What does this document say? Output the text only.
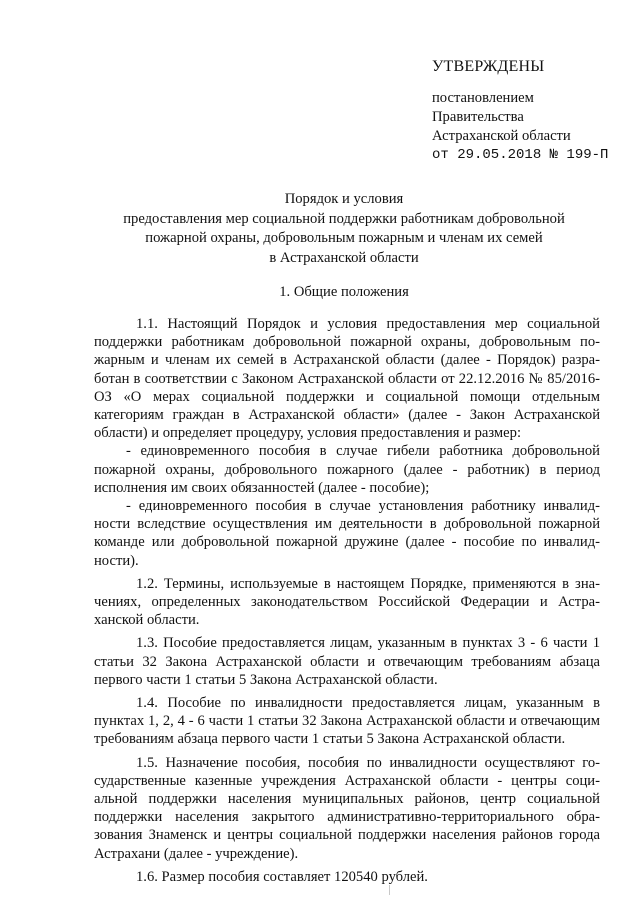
УТВЕРЖДЕНЫ
постановлением
Правительства
Астраханской области
от 29.05.2018 № 199-П
Порядок и условия
предоставления мер социальной поддержки работникам добровольной
пожарной охраны, добровольным пожарным и членам их семей
в Астраханской области
1. Общие положения

1.1. Настоящий Порядок и условия предоставления мер социальной поддержки работникам добровольной пожарной охраны, добровольным пожарным и членам их семей в Астраханской области (далее - Порядок) разработан в соответствии с Законом Астраханской области от 22.12.2016 № 85/2016-ОЗ «О мерах социальной поддержки и социальной помощи отдельным категориям граждан в Астраханской области» (далее - Закон Астраханской области) и определяет процедуру, условия предоставления и размер:

- единовременного пособия в случае гибели работника добровольной пожарной охраны, добровольного пожарного (далее - работник) в период исполнения им своих обязанностей (далее - пособие);

- единовременного пособия в случае установления работнику инвалидности вследствие осуществления им деятельности в добровольной пожарной команде или добровольной пожарной дружине (далее - пособие по инвалидности).

1.2. Термины, используемые в настоящем Порядке, применяются в значениях, определенных законодательством Российской Федерации и Астраханской области.

1.3. Пособие предоставляется лицам, указанным в пунктах 3 - 6 части 1 статьи 32 Закона Астраханской области и отвечающим требованиям абзаца первого части 1 статьи 5 Закона Астраханской области.

1.4. Пособие по инвалидности предоставляется лицам, указанным в пунктах 1, 2, 4 - 6 части 1 статьи 32 Закона Астраханской области и отвечающим требованиям абзаца первого части 1 статьи 5 Закона Астраханской области.

1.5. Назначение пособия, пособия по инвалидности осуществляют государственные казенные учреждения Астраханской области - центры социальной поддержки населения муниципальных районов, центр социальной поддержки населения закрытого административно-территориального образования Знаменск и центры социальной поддержки населения районов города Астрахани (далее - учреждение).

1.6. Размер пособия составляет 120540 рублей.
